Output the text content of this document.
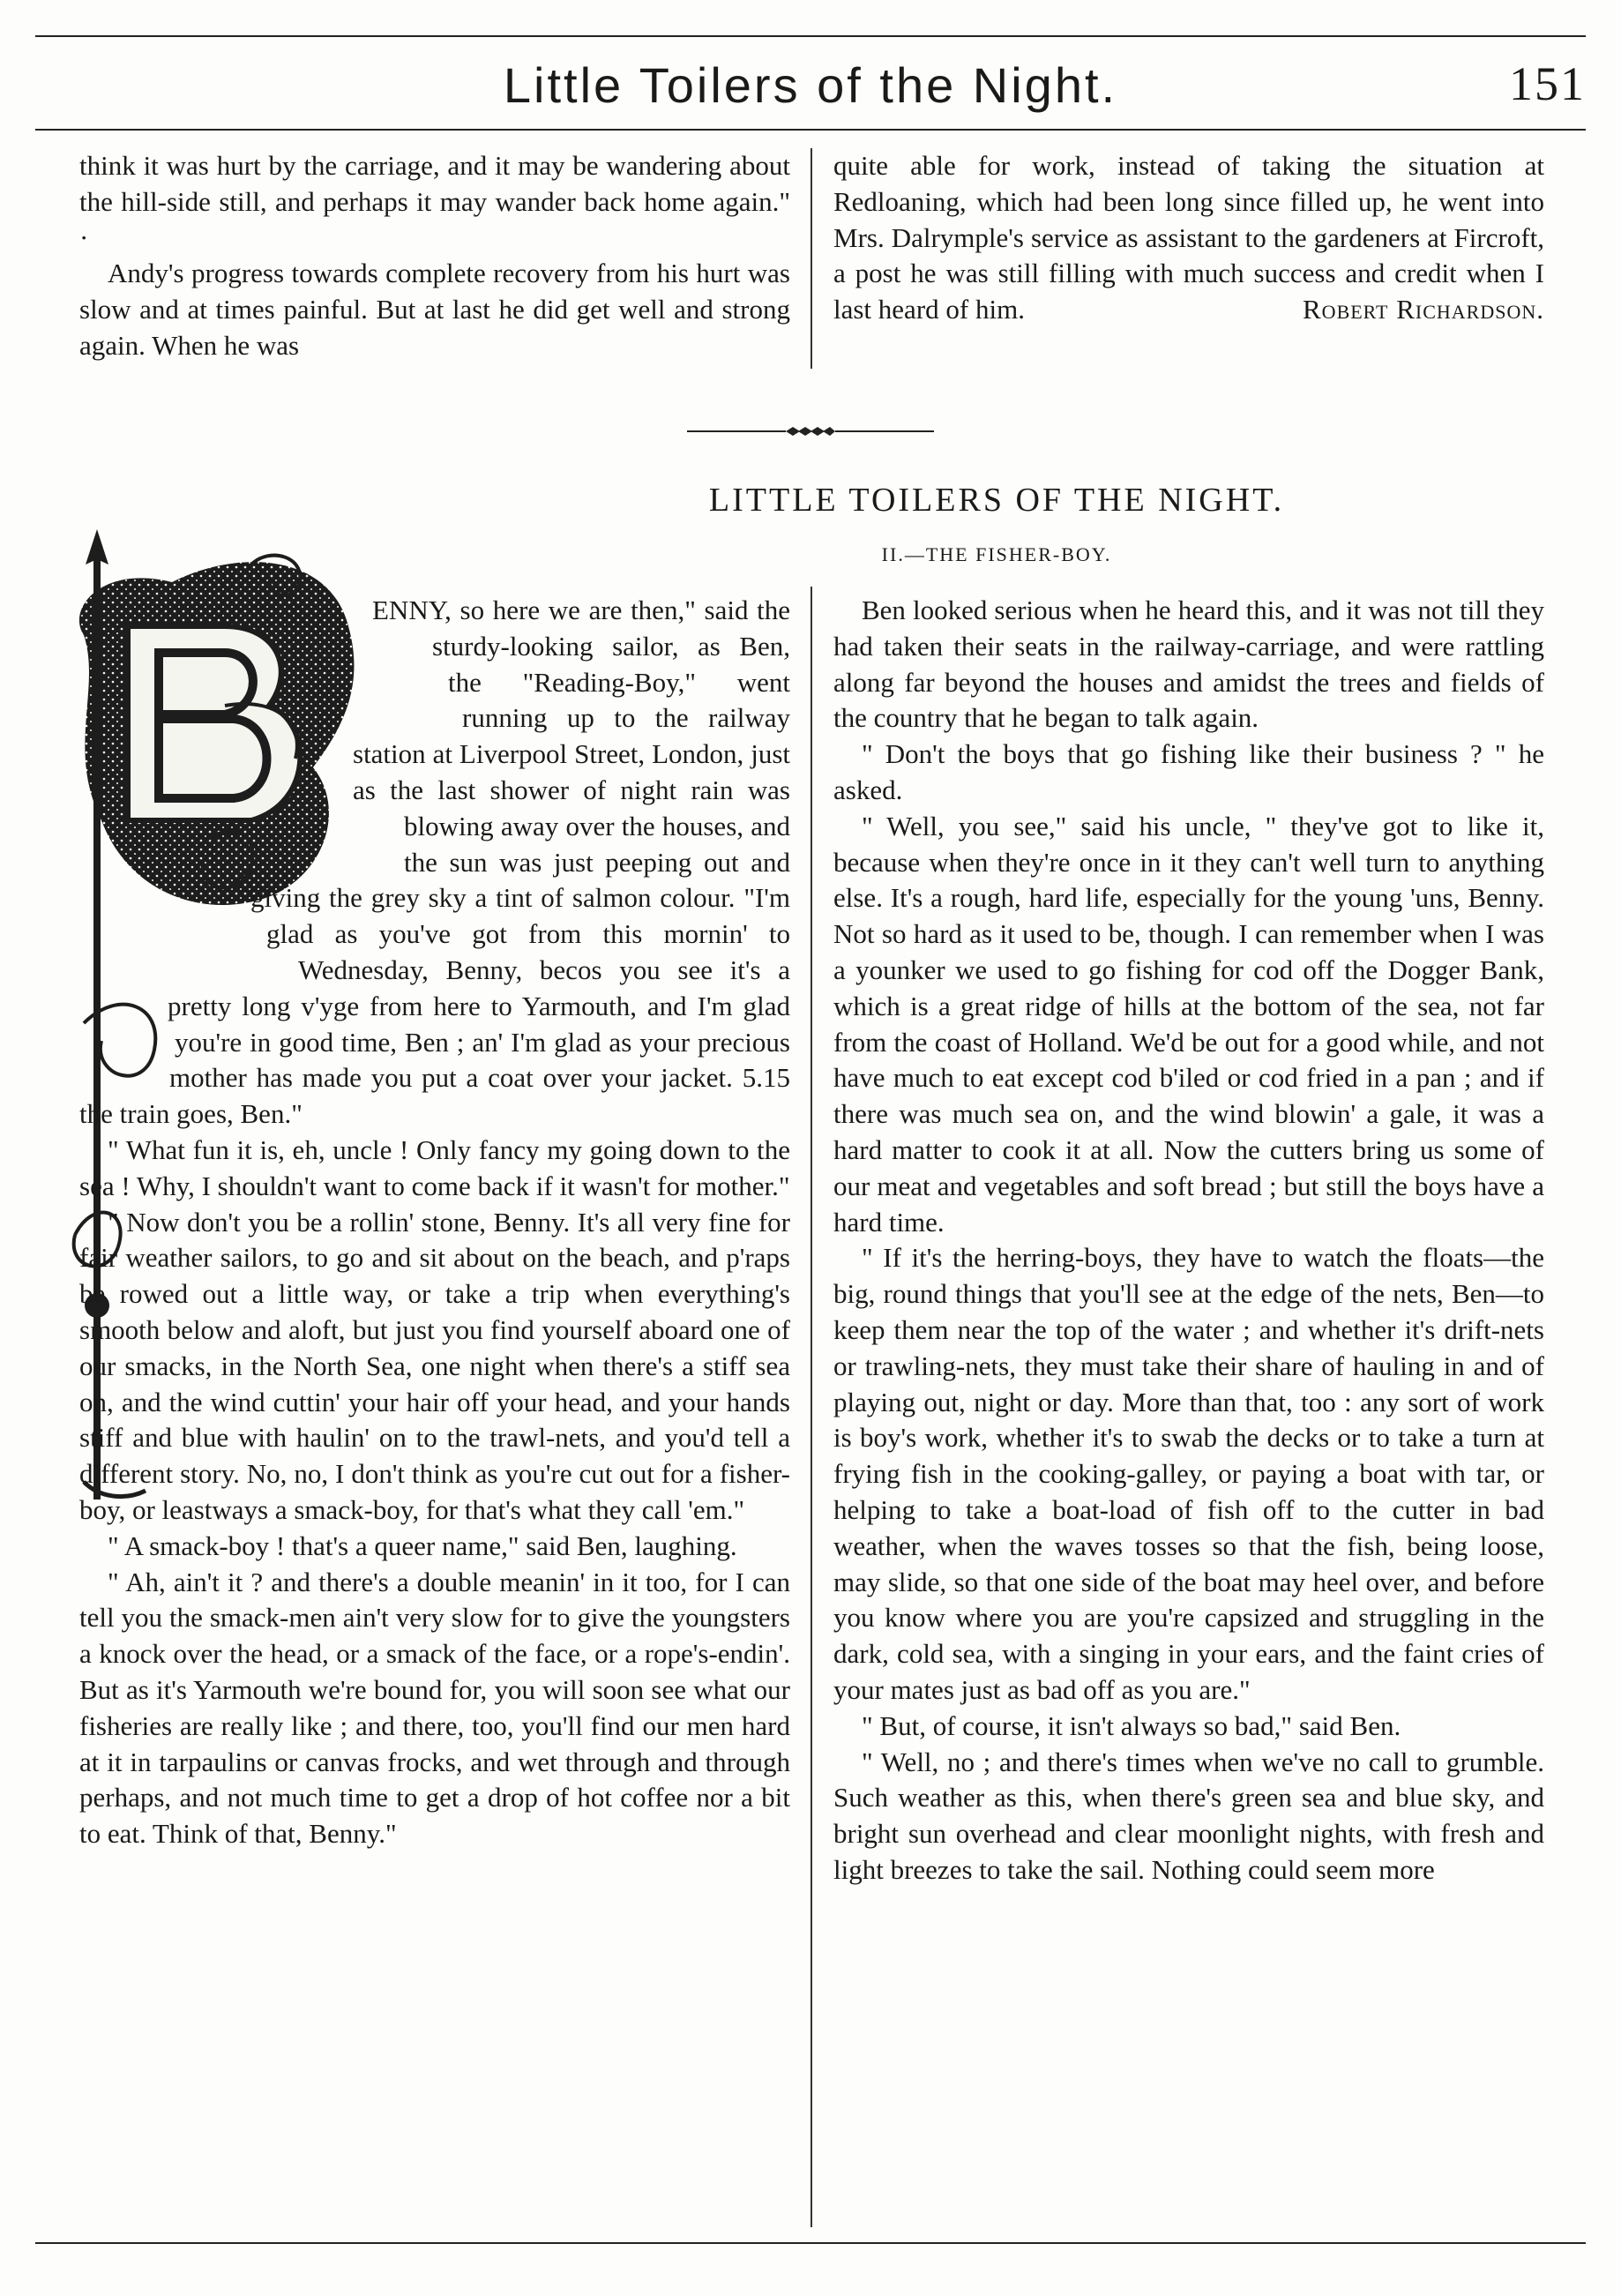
Little Toilers of the Night.	151

think it was hurt by the carriage, and it may be wandering about the hill-side still, and perhaps it may wander back home again." ·

Andy's progress towards complete recovery from his hurt was slow and at times painful. But at last he did get well and strong again. When he was

quite able for work, instead of taking the situation at Redloaning, which had been long since filled up, he went into Mrs. Dalrymple's service as assistant to the gardeners at Fircroft, a post he was still filling with much success and credit when I last heard of him.	Robert Richardson.
LITTLE TOILERS OF THE NIGHT.
II.—THE FISHER-BOY.

ENNY, so here we are then," said the sturdy-looking sailor, as Ben, the "Reading-Boy," went running up to the railway station at Liverpool Street, London, just as the last shower of night rain was blowing away over the houses, and the sun was just peeping out and giving the grey sky a tint of salmon colour. "I'm glad as you've got from this mornin' to Wednesday, Benny, becos you see it's a pretty long v'yge from here to Yarmouth, and I'm glad you're in good time, Ben ; an' I'm glad as your precious mother has made you put a coat over your jacket. 5.15 the train goes, Ben."

" What fun it is, eh, uncle ! Only fancy my going down to the sea ! Why, I shouldn't want to come back if it wasn't for mother."

" Now don't you be a rollin' stone, Benny. It's all very fine for fair weather sailors, to go and sit about on the beach, and p'raps be rowed out a little way, or take a trip when everything's smooth below and aloft, but just you find yourself aboard one of our smacks, in the North Sea, one night when there's a stiff sea on, and the wind cuttin' your hair off your head, and your hands stiff and blue with haulin' on to the trawl-nets, and you'd tell a different story. No, no, I don't think as you're cut out for a fisher-boy, or leastways a smack-boy, for that's what they call 'em."

" A smack-boy ! that's a queer name," said Ben, laughing.

" Ah, ain't it ? and there's a double meanin' in it too, for I can tell you the smack-men ain't very slow for to give the youngsters a knock over the head, or a smack of the face, or a rope's-endin'. But as it's Yarmouth we're bound for, you will soon see what our fisheries are really like ; and there, too, you'll find our men hard at it in tarpaulins or canvas frocks, and wet through and through perhaps, and not much time to get a drop of hot coffee nor a bit to eat. Think of that, Benny."

Ben looked serious when he heard this, and it was not till they had taken their seats in the railway-carriage, and were rattling along far beyond the houses and amidst the trees and fields of the country that he began to talk again.

" Don't the boys that go fishing like their business ? " he asked.

" Well, you see," said his uncle, " they've got to like it, because when they're once in it they can't well turn to anything else. It's a rough, hard life, especially for the young 'uns, Benny. Not so hard as it used to be, though. I can remember when I was a younker we used to go fishing for cod off the Dogger Bank, which is a great ridge of hills at the bottom of the sea, not far from the coast of Holland. We'd be out for a good while, and not have much to eat except cod b'iled or cod fried in a pan ; and if there was much sea on, and the wind blowin' a gale, it was a hard matter to cook it at all. Now the cutters bring us some of our meat and vegetables and soft bread ; but still the boys have a hard time.

" If it's the herring-boys, they have to watch the floats—the big, round things that you'll see at the edge of the nets, Ben—to keep them near the top of the water ; and whether it's drift-nets or trawling-nets, they must take their share of hauling in and of playing out, night or day. More than that, too : any sort of work is boy's work, whether it's to swab the decks or to take a turn at frying fish in the cooking-galley, or paying a boat with tar, or helping to take a boat-load of fish off to the cutter in bad weather, when the waves tosses so that the fish, being loose, may slide, so that one side of the boat may heel over, and before you know where you are you're capsized and struggling in the dark, cold sea, with a singing in your ears, and the faint cries of your mates just as bad off as you are."

" But, of course, it isn't always so bad," said Ben.

" Well, no ; and there's times when we've no call to grumble. Such weather as this, when there's green sea and blue sky, and bright sun overhead and clear moonlight nights, with fresh and light breezes to take the sail. Nothing could seem more
